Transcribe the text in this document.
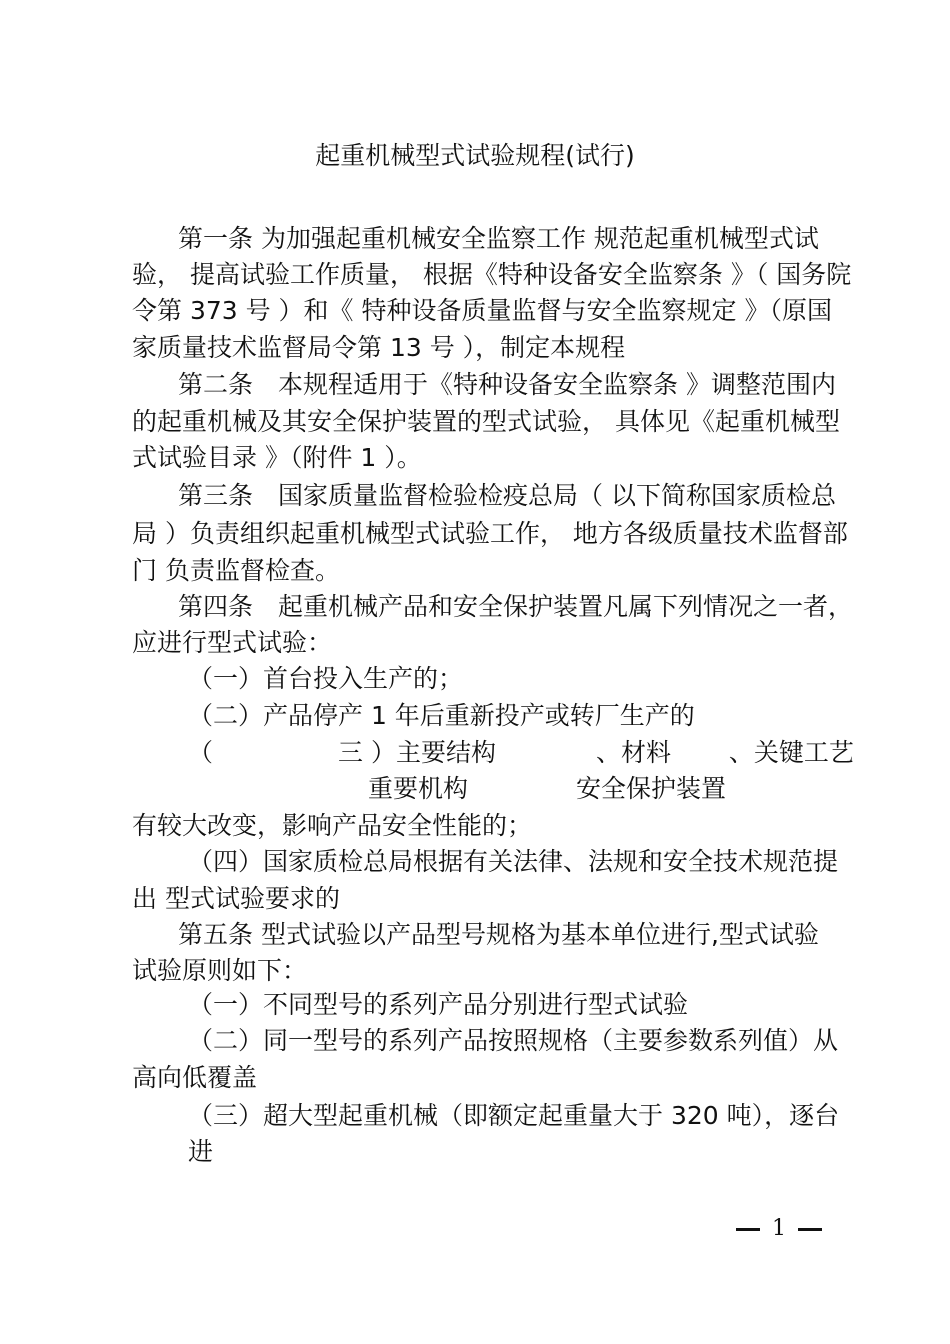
起重机械型式试验规程(试行)
第一条 为加强起重机械安全监察工作 规范起重机械型式试
验， 提高试验工作质量， 根据《特种设备安全监察条 》（ 国务院
令第 373 号 ）和《 特种设备质量监督与安全监察规定 》（原国
家质量技术监督局令第 13 号 ），制定本规程
第二条　本规程适用于《特种设备安全监察条 》调整范围内
的起重机械及其安全保护装置的型式试验， 具体见《起重机械型
式试验目录 》（附件 1 ）。
第三条　国家质量监督检验检疫总局（ 以下简称国家质检总
局 ）负责组织起重机械型式试验工作， 地方各级质量技术监督部
门 负责监督检查。
第四条　起重机械产品和安全保护装置凡属下列情况之一者，
应进行型式试验：
（一）首台投入生产的；
（二）产品停产 1 年后重新投产或转厂生产的
（　　　　　三 ）主要结构　　　　、材料　　 、关键工艺
重要机构　　　　 安全保护装置
有较大改变，影响产品安全性能的；
（四）国家质检总局根据有关法律、法规和安全技术规范提
出 型式试验要求的
第五条 型式试验以产品型号规格为基本单位进行,型式试验
试验原则如下：
（一）不同型号的系列产品分别进行型式试验
（二）同一型号的系列产品按照规格（主要参数系列值）从
高向低覆盖
（三）超大型起重机械（即额定起重量大于 320 吨），逐台
进
1
